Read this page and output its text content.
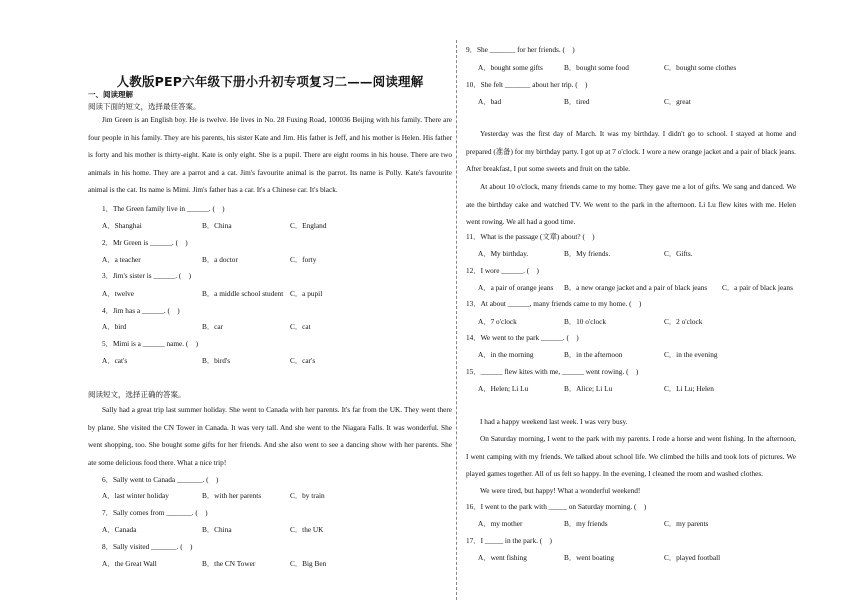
人教版PEP六年级下册小升初专项复习二——阅读理解
一、阅读理解
阅读下面的短文，选择最佳答案。
Jim Green is an English boy. He is twelve. He lives in No. 28 Fuxing Road, 100036 Beijing with his family. There are four people in his family. They are his parents, his sister Kate and Jim. His father is Jeff, and his mother is Helen. His father is forty and his mother is thirty-eight. Kate is only eight. She is a pupil. There are eight rooms in his house. There are two animals in his home. They are a parrot and a cat. Jim's favourite animal is the parrot. Its name is Polly. Kate's favourite animal is the cat. Its name is Mimi. Jim's father has a car. It's a Chinese car. It's black.
1．The Green family live in ______. (　)
A．Shanghai	B．China	C．England
2．Mr Green is ______. (　)
A．a teacher	B．a doctor	C．forty
3．Jim's sister is ______. (　)
A．twelve	B．a middle school student C．a pupil
4．Jim has a ______. (　)
A．bird	B．car	C．cat
5．Mimi is a ______ name. (　)
A．cat's	B．bird's	C．car's
阅读短文，选择正确的答案。
Sally had a great trip last summer holiday. She went to Canada with her parents. It's far from the UK. They went there by plane. She visited the CN Tower in Canada. It was very tall. And she went to the Niagara Falls. It was wonderful. She went shopping, too. She bought some gifts for her friends. And she also went to see a dancing show with her parents. She ate some delicious food there. What a nice trip!
6．Sally went to Canada _______. (　)
A．last winter holiday	B．with her parents	C．by train
7．Sally comes from _______. (　)
A．Canada	B．China	C．the UK
8．Sally visited _______. (　)
A．the Great Wall	B．the CN Tower	C．Big Ben
9．She _______ for her friends. (　)
A．bought some gifts	B．bought some food	C．bought some clothes
10．She felt _______ about her trip. (　)
A．bad	B．tired	C．great
Yesterday was the first day of March. It was my birthday. I didn't go to school. I stayed at home and prepared (准备) for my birthday party. I got up at 7 o'clock. I wore a new orange jacket and a pair of black jeans. After breakfast, I put some sweets and fruit on the table.
At about 10 o'clock, many friends came to my home. They gave me a lot of gifts. We sang and danced. We ate the birthday cake and watched TV. We went to the park in the afternoon. Li Lu flew kites with me. Helen went rowing. We all had a good time.
11．What is the passage (文章) about? (　)
A．My birthday.	B．My friends.	C．Gifts.
12．I wore ______. (　)
A．a pair of orange jeans B．a new orange jacket and a pair of black jeans C．a pair of black jeans
13．At about ______, many friends came to my home. (　)
A．7 o'clock	B．10 o'clock	C．2 o'clock
14．We went to the park ______. (　)
A．in the morning	B．in the afternoon	C．in the evening
15．______ flew kites with me, ______ went rowing. (　)
A．Helen; Li Lu	B．Alice; Li Lu	C．Li Lu; Helen
I had a happy weekend last week. I was very busy.
On Saturday morning, I went to the park with my parents. I rode a horse and went fishing. In the afternoon, I went camping with my friends. We talked about school life. We climbed the hills and took lots of pictures. We played games together. All of us felt so happy. In the evening, I cleaned the room and washed clothes.
We were tired, but happy! What a wonderful weekend!
16．I went to the park with _____ on Saturday morning. (　)
A．my mother	B．my friends	C．my parents
17．I _____ in the park. (　)
A．went fishing	B．went boating	C．played football
